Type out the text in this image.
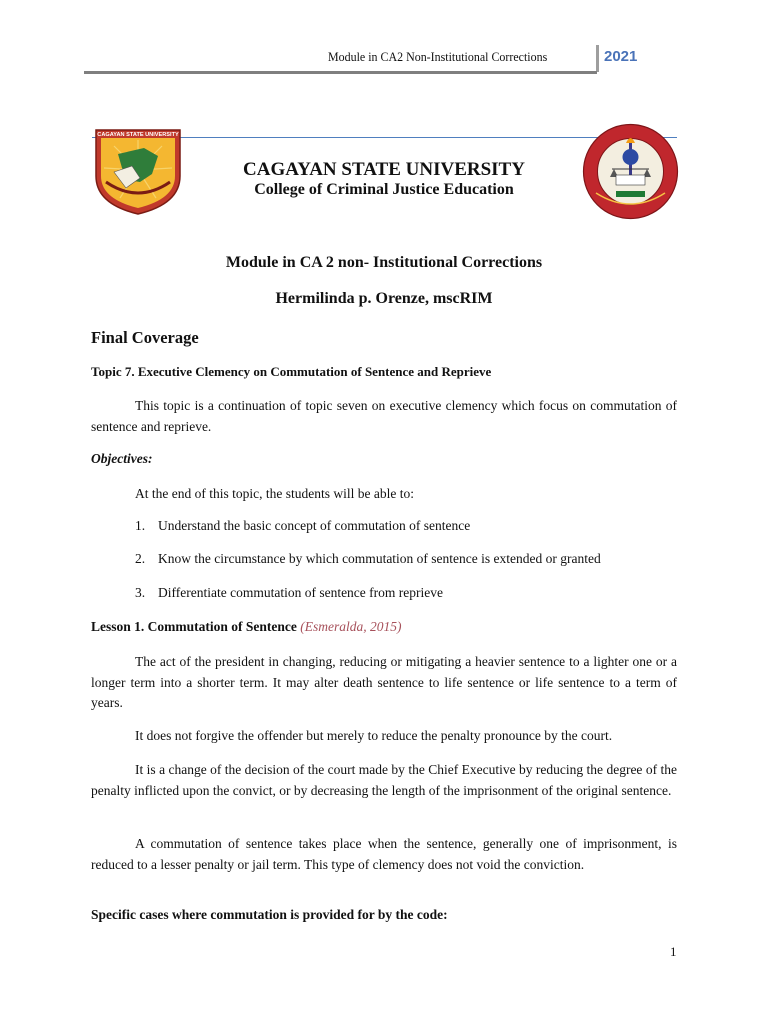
Module in CA2 Non-Institutional Corrections	2021
CAGAYAN STATE UNIVERSITY
CAGAYAN STATE UNIVERSITY
College of Criminal Justice Education
Module in CA 2 non- Institutional Corrections
Hermilinda p. Orenze, mscRIM
Final Coverage
Topic 7. Executive Clemency on Commutation of Sentence and Reprieve
This topic is a continuation of topic seven on executive clemency which focus on commutation of sentence and reprieve.
Objectives:
At the end of this topic, the students will be able to:
1. Understand the basic concept of commutation of sentence
2. Know the circumstance by which commutation of sentence is extended or granted
3. Differentiate commutation of sentence from reprieve
Lesson 1. Commutation of Sentence (Esmeralda, 2015)
The act of the president in changing, reducing or mitigating a heavier sentence to a lighter one or a longer term into a shorter term. It may alter death sentence to life sentence or life sentence to a term of years.
It does not forgive the offender but merely to reduce the penalty pronounce by the court.
It is a change of the decision of the court made by the Chief Executive by reducing the degree of the penalty inflicted upon the convict, or by decreasing the length of the imprisonment of the original sentence.
A commutation of sentence takes place when the sentence, generally one of imprisonment, is reduced to a lesser penalty or jail term. This type of clemency does not void the conviction.
Specific cases where commutation is provided for by the code:
1
